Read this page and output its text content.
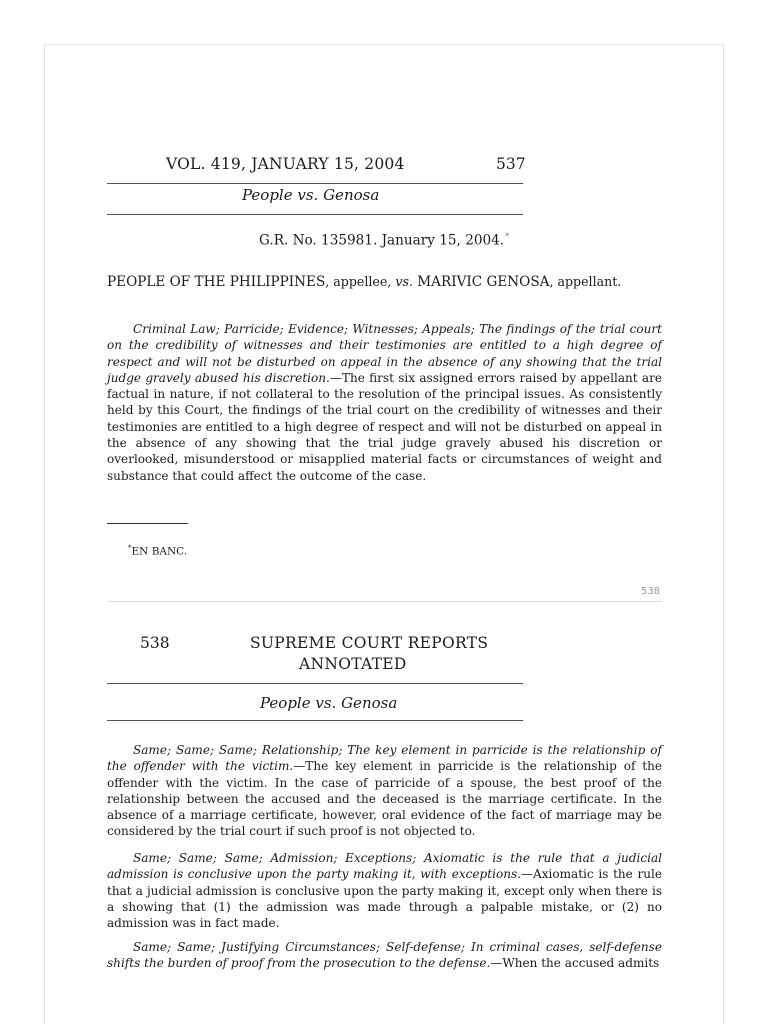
VOL. 419, JANUARY 15, 2004	537
People vs. Genosa
G.R. No. 135981. January 15, 2004.*
PEOPLE OF THE PHILIPPINES, appellee, vs. MARIVIC GENOSA, appellant.
Criminal Law; Parricide; Evidence; Witnesses; Appeals; The findings of the trial court on the credibility of witnesses and their testimonies are entitled to a high degree of respect and will not be disturbed on appeal in the absence of any showing that the trial judge gravely abused his discretion.—The first six assigned errors raised by appellant are factual in nature, if not collateral to the resolution of the principal issues. As consistently held by this Court, the findings of the trial court on the credibility of witnesses and their testimonies are entitled to a high degree of respect and will not be disturbed on appeal in the absence of any showing that the trial judge gravely abused his discretion or overlooked, misunderstood or misapplied material facts or circumstances of weight and substance that could affect the outcome of the case.
*EN BANC.
538
538	SUPREME COURT REPORTS
ANNOTATED
People vs. Genosa
Same; Same; Same; Relationship; The key element in parricide is the relationship of the offender with the victim.—The key element in parricide is the relationship of the offender with the victim. In the case of parricide of a spouse, the best proof of the relationship between the accused and the deceased is the marriage certificate. In the absence of a marriage certificate, however, oral evidence of the fact of marriage may be considered by the trial court if such proof is not objected to.
Same; Same; Same; Admission; Exceptions; Axiomatic is the rule that a judicial admission is conclusive upon the party making it, with exceptions.—Axiomatic is the rule that a judicial admission is conclusive upon the party making it, except only when there is a showing that (1) the admission was made through a palpable mistake, or (2) no admission was in fact made.
Same; Same; Justifying Circumstances; Self-defense; In criminal cases, self-defense shifts the burden of proof from the prosecution to the defense.—When the accused admits
